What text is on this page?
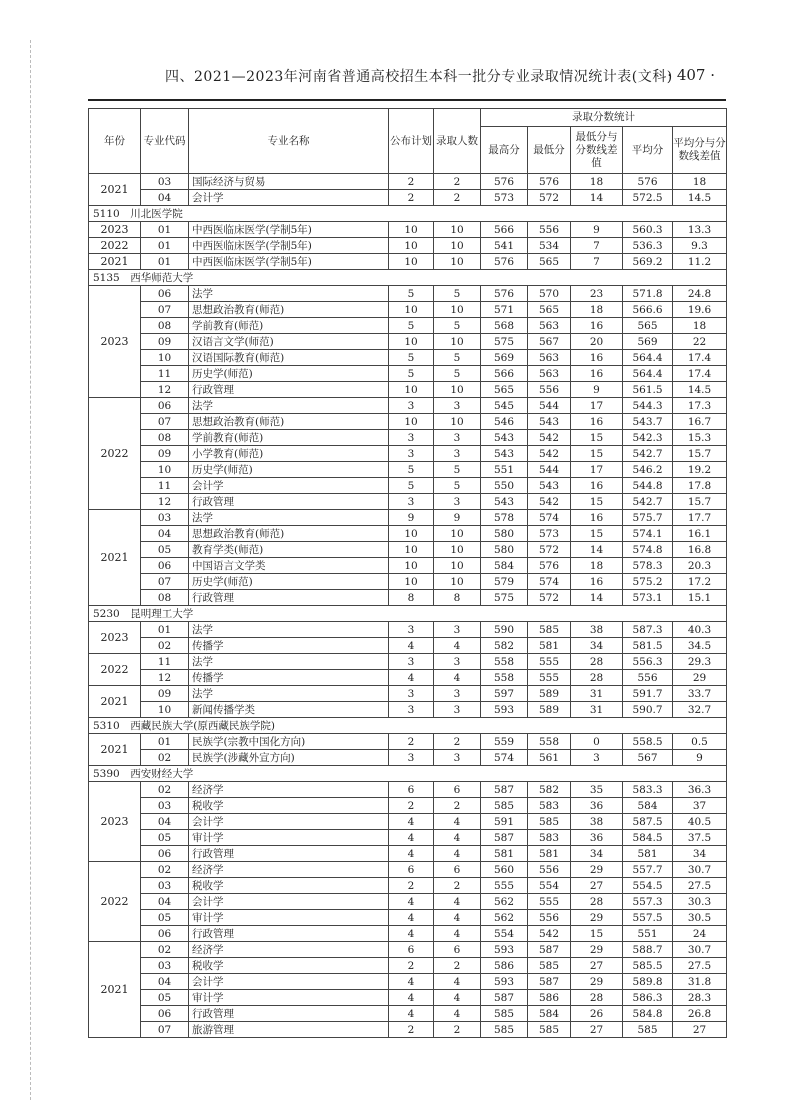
四、2021—2023年河南省普通高校招生本科一批分专业录取情况统计表(文科)
· 407 ·
年份	专业代码	专业名称	公布计划	录取人数	录取分数统计				
					最高分	最低分	最低分与分数线差值	平均分	平均分与分数线差值
2021	03	国际经济与贸易	2	2	576	576	18	576	18
	04	会计学	2	2	573	572	14	572.5	14.5
5110　川北医学院									
2023	01	中西医临床医学(学制5年)	10	10	566	556	9	560.3	13.3
2022	01	中西医临床医学(学制5年)	10	10	541	534	7	536.3	9.3
2021	01	中西医临床医学(学制5年)	10	10	576	565	7	569.2	11.2
5135　西华师范大学									
2023	06	法学	5	5	576	570	23	571.8	24.8
	07	思想政治教育(师范)	10	10	571	565	18	566.6	19.6
	08	学前教育(师范)	5	5	568	563	16	565	18
	09	汉语言文学(师范)	10	10	575	567	20	569	22
	10	汉语国际教育(师范)	5	5	569	563	16	564.4	17.4
	11	历史学(师范)	5	5	566	563	16	564.4	17.4
	12	行政管理	10	10	565	556	9	561.5	14.5
2022	06	法学	3	3	545	544	17	544.3	17.3
	07	思想政治教育(师范)	10	10	546	543	16	543.7	16.7
	08	学前教育(师范)	3	3	543	542	15	542.3	15.3
	09	小学教育(师范)	3	3	543	542	15	542.7	15.7
	10	历史学(师范)	5	5	551	544	17	546.2	19.2
	11	会计学	5	5	550	543	16	544.8	17.8
	12	行政管理	3	3	543	542	15	542.7	15.7
2021	03	法学	9	9	578	574	16	575.7	17.7
	04	思想政治教育(师范)	10	10	580	573	15	574.1	16.1
	05	教育学类(师范)	10	10	580	572	14	574.8	16.8
	06	中国语言文学类	10	10	584	576	18	578.3	20.3
	07	历史学(师范)	10	10	579	574	16	575.2	17.2
	08	行政管理	8	8	575	572	14	573.1	15.1
5230　昆明理工大学									
2023	01	法学	3	3	590	585	38	587.3	40.3
	02	传播学	4	4	582	581	34	581.5	34.5
2022	11	法学	3	3	558	555	28	556.3	29.3
	12	传播学	4	4	558	555	28	556	29
2021	09	法学	3	3	597	589	31	591.7	33.7
	10	新闻传播学类	3	3	593	589	31	590.7	32.7
5310　西藏民族大学(原西藏民族学院)									
2021	01	民族学(宗教中国化方向)	2	2	559	558	0	558.5	0.5
	02	民族学(涉藏外宣方向)	3	3	574	561	3	567	9
5390　西安财经大学									
2023	02	经济学	6	6	587	582	35	583.3	36.3
	03	税收学	2	2	585	583	36	584	37
	04	会计学	4	4	591	585	38	587.5	40.5
	05	审计学	4	4	587	583	36	584.5	37.5
	06	行政管理	4	4	581	581	34	581	34
2022	02	经济学	6	6	560	556	29	557.7	30.7
	03	税收学	2	2	555	554	27	554.5	27.5
	04	会计学	4	4	562	555	28	557.3	30.3
	05	审计学	4	4	562	556	29	557.5	30.5
	06	行政管理	4	4	554	542	15	551	24
2021	02	经济学	6	6	593	587	29	588.7	30.7
	03	税收学	2	2	586	585	27	585.5	27.5
	04	会计学	4	4	593	587	29	589.8	31.8
	05	审计学	4	4	587	586	28	586.3	28.3
	06	行政管理	4	4	585	584	26	584.8	26.8
	07	旅游管理	2	2	585	585	27	585	27
